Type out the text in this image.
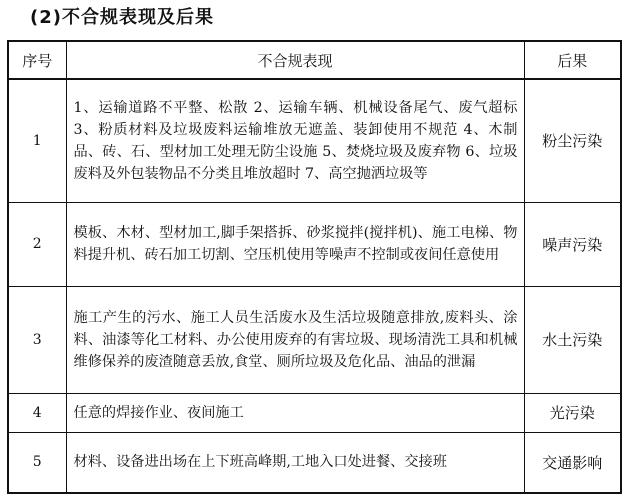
(2)不合规表现及后果
序号	不合规表现	后果
1	1、运输道路不平整、松散 2、运输车辆、机械设备尾气、废气超标 3、粉质材料及垃圾废料运输堆放无遮盖、装卸使用不规范 4、木制品、砖、石、型材加工处理无防尘设施 5、焚烧垃圾及废弃物 6、垃圾废料及外包装物品不分类且堆放超时 7、高空抛洒垃圾等	粉尘污染
2	模板、木材、型材加工,脚手架搭拆、砂浆搅拌(搅拌机)、施工电梯、物料提升机、砖石加工切割、空压机使用等噪声不控制或夜间任意使用	噪声污染
3	施工产生的污水、施工人员生活废水及生活垃圾随意排放,废料头、涂料、油漆等化工材料、办公使用废弃的有害垃圾、现场清洗工具和机械维修保养的废渣随意丢放,食堂、厕所垃圾及危化品、油品的泄漏	水土污染
4	任意的焊接作业、夜间施工	光污染
5	材料、设备进出场在上下班高峰期,工地入口处进餐、交接班	交通影响
